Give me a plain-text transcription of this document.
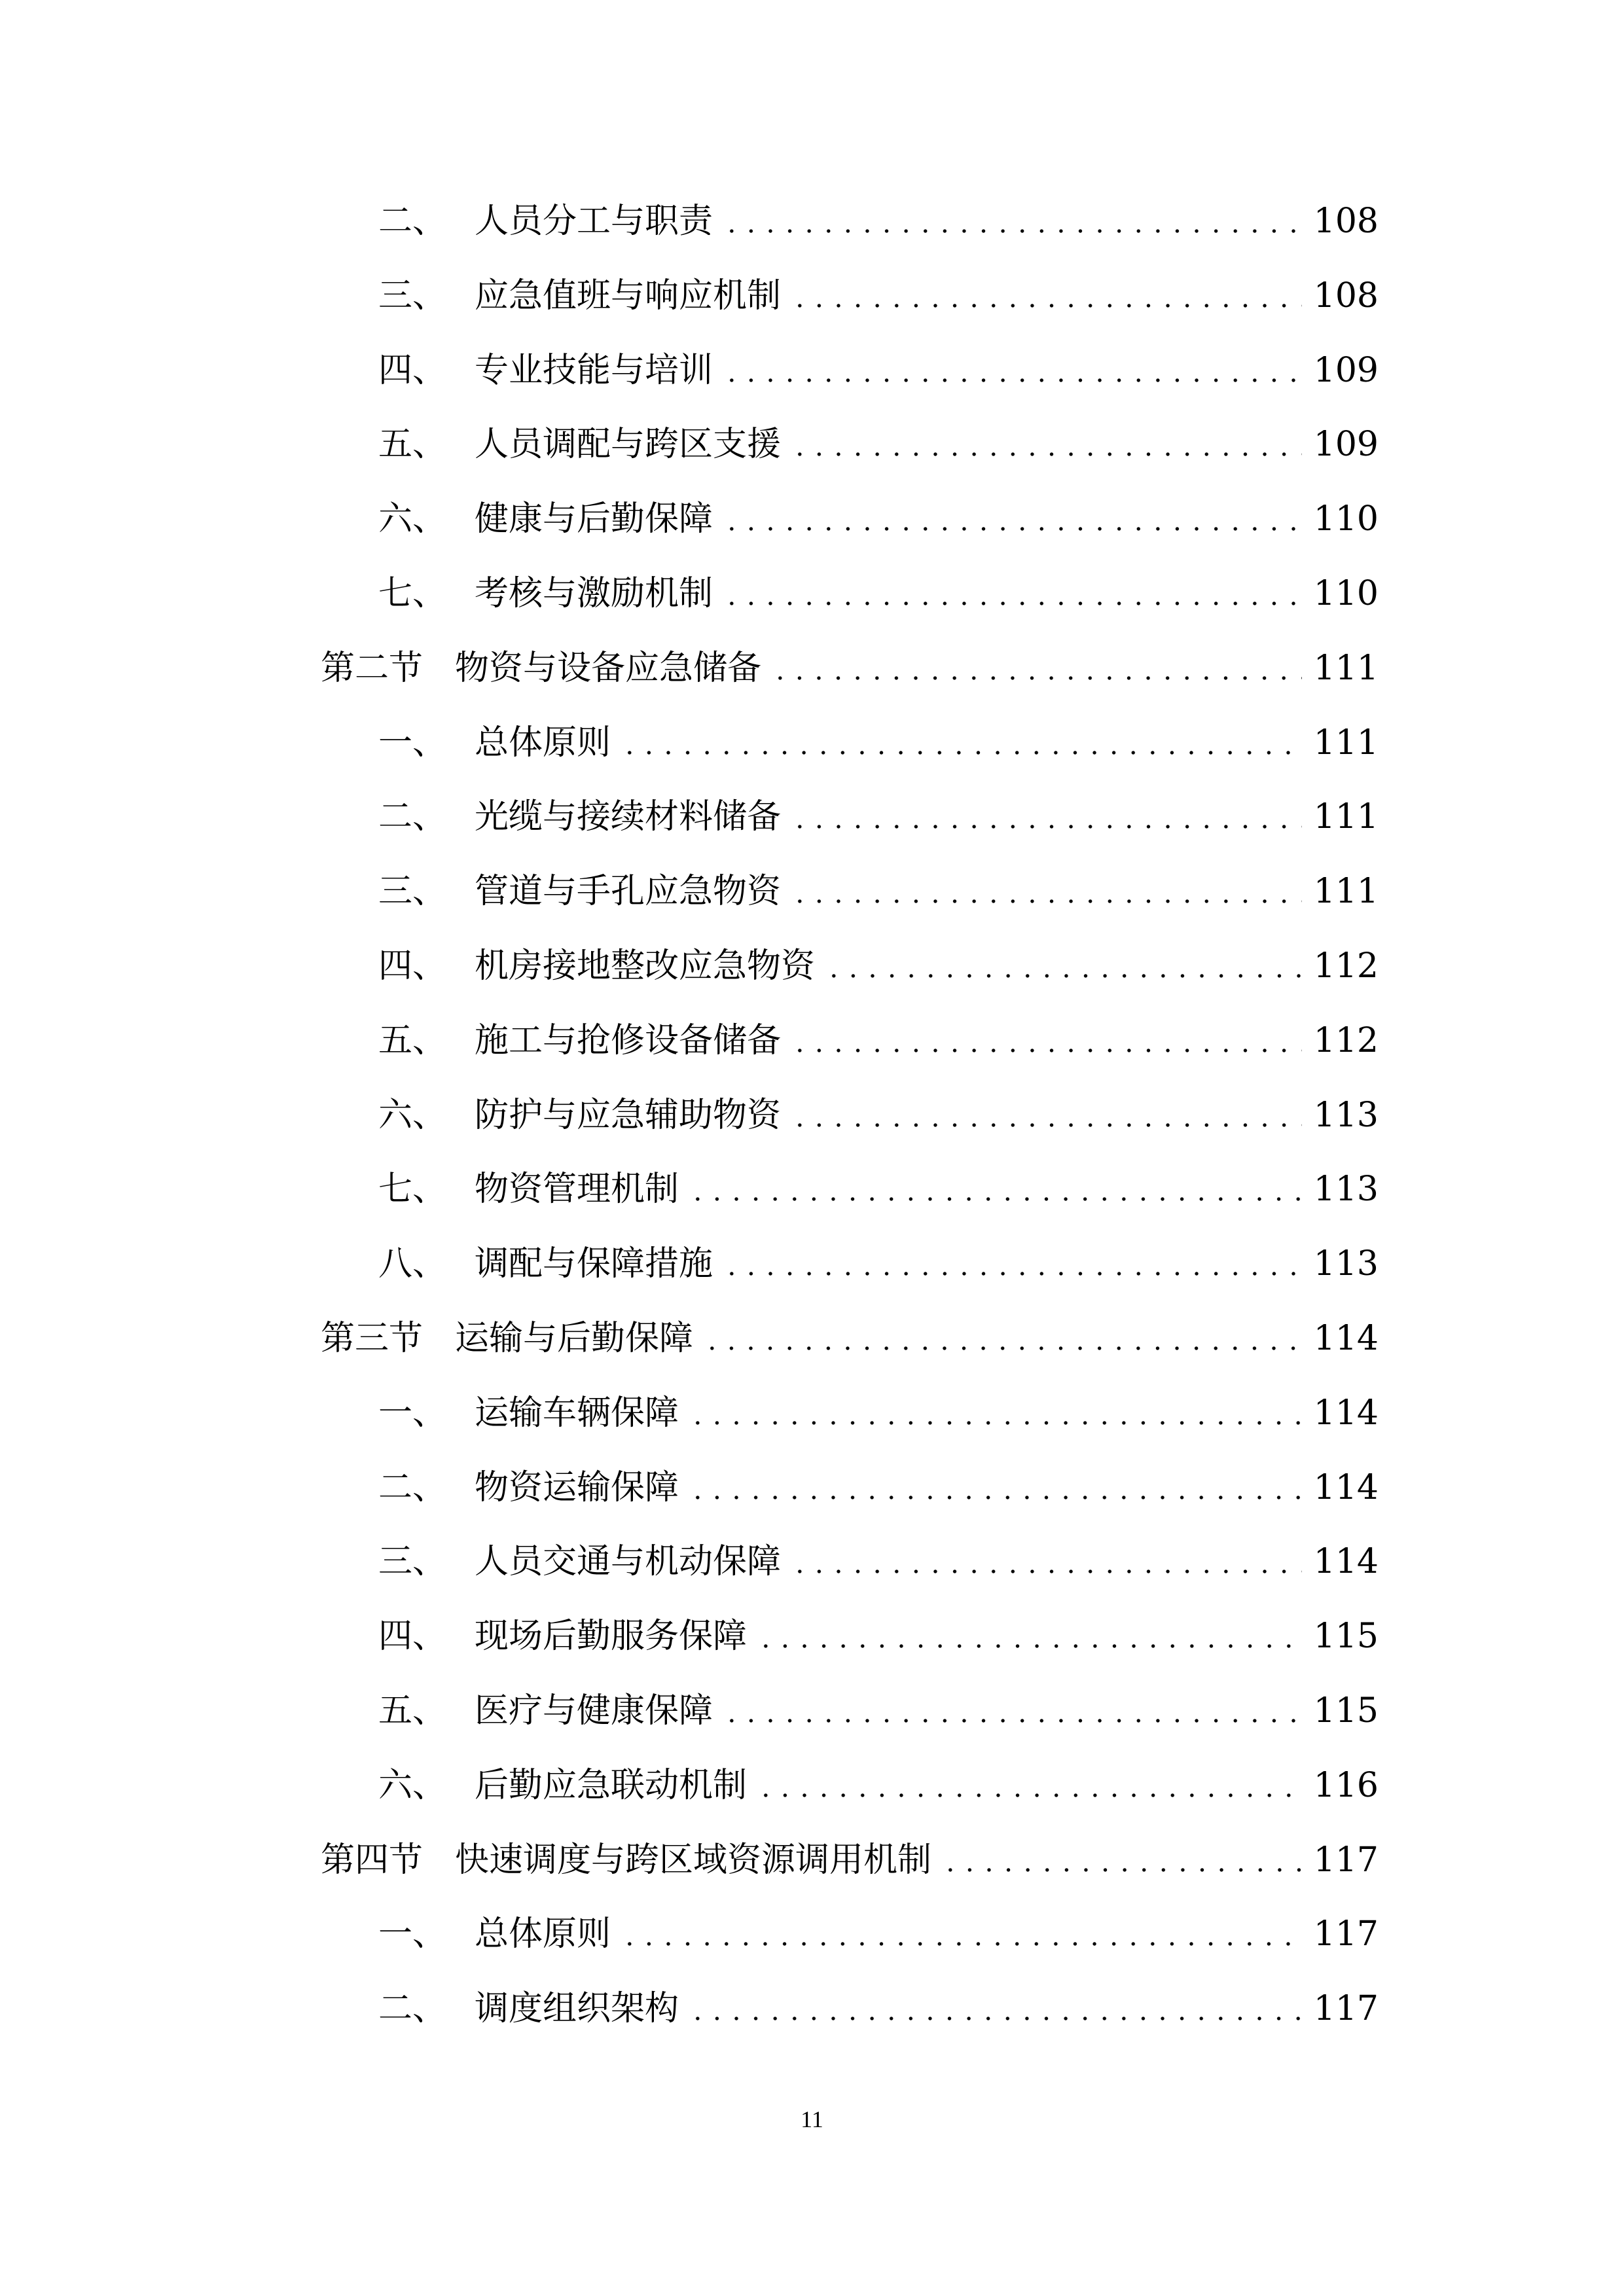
二、 人员分工与职责	108
三、 应急值班与响应机制	108
四、 专业技能与培训	109
五、 人员调配与跨区支援	109
六、 健康与后勤保障	110
七、 考核与激励机制	110
第二节 物资与设备应急储备	111
一、 总体原则	111
二、 光缆与接续材料储备	111
三、 管道与手孔应急物资	111
四、 机房接地整改应急物资	112
五、 施工与抢修设备储备	112
六、 防护与应急辅助物资	113
七、 物资管理机制	113
八、 调配与保障措施	113
第三节 运输与后勤保障	114
一、 运输车辆保障	114
二、 物资运输保障	114
三、 人员交通与机动保障	114
四、 现场后勤服务保障	115
五、 医疗与健康保障	115
六、 后勤应急联动机制	116
第四节 快速调度与跨区域资源调用机制	117
一、 总体原则	117
二、 调度组织架构	117
11
